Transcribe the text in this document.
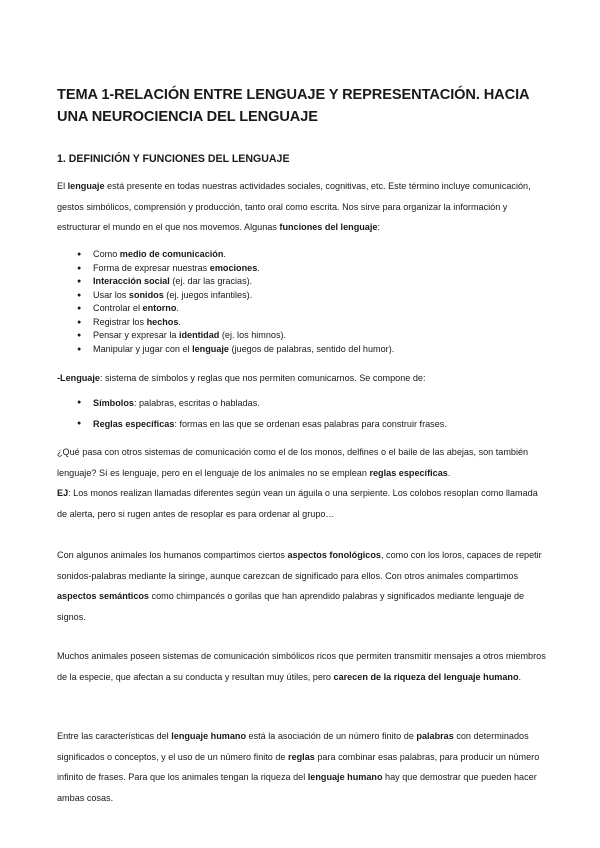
TEMA 1-RELACIÓN ENTRE LENGUAJE Y REPRESENTACIÓN. HACIA UNA NEUROCIENCIA DEL LENGUAJE
1. DEFINICIÓN Y FUNCIONES DEL LENGUAJE

El lenguaje está presente en todas nuestras actividades sociales, cognitivas, etc. Este término incluye comunicación, gestos simbólicos, comprensión y producción, tanto oral como escrita. Nos sirve para organizar la información y estructurar el mundo en el que nos movemos. Algunas funciones del lenguaje:

● Como medio de comunicación.
● Forma de expresar nuestras emociones.
● Interacción social (ej. dar las gracias).
● Usar los sonidos (ej. juegos infantiles).
● Controlar el entorno.
● Registrar los hechos.
● Pensar y expresar la identidad (ej. los himnos).
● Manipular y jugar con el lenguaje (juegos de palabras, sentido del humor).

-Lenguaje: sistema de símbolos y reglas que nos permiten comunicarnos. Se compone de:

● Símbolos: palabras, escritas o habladas.
● Reglas específicas: formas en las que se ordenan esas palabras para construir frases.

¿Qué pasa con otros sistemas de comunicación como el de los monos, delfines o el baile de las abejas, son también lenguaje? Sí es lenguaje, pero en el lenguaje de los animales no se emplean reglas específicas.
EJ: Los monos realizan llamadas diferentes según vean un águila o una serpiente. Los colobos resoplan como llamada de alerta, pero si rugen antes de resoplar es para ordenar al grupo…

Con algunos animales los humanos compartimos ciertos aspectos fonológicos, como con los loros, capaces de repetir sonidos-palabras mediante la siringe, aunque carezcan de significado para ellos. Con otros animales compartimos aspectos semánticos como chimpancés o gorilas que han aprendido palabras y significados mediante lenguaje de signos.

Muchos animales poseen sistemas de comunicación simbólicos ricos que permiten transmitir mensajes a otros miembros de la especie, que afectan a su conducta y resultan muy útiles, pero carecen de la riqueza del lenguaje humano.

Entre las características del lenguaje humano está la asociación de un número finito de palabras con determinados significados o conceptos, y el uso de un número finito de reglas para combinar esas palabras, para producir un número infinito de frases. Para que los animales tengan la riqueza del lenguaje humano hay que demostrar que pueden hacer ambas cosas.
